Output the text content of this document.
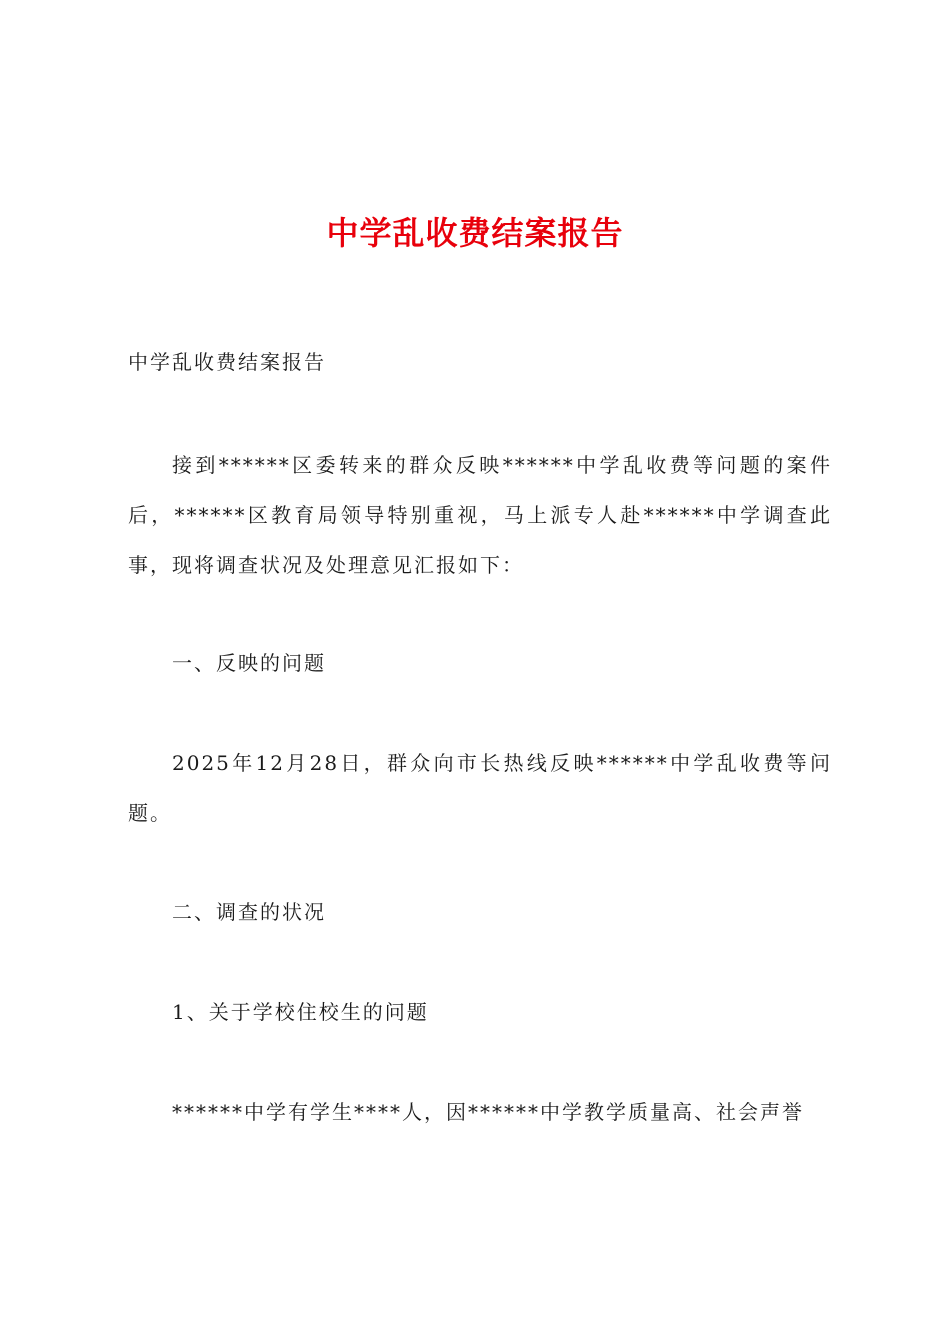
中学乱收费结案报告

中学乱收费结案报告

接到******区委转来的群众反映******中学乱收费等问题的案件后，******区教育局领导特别重视，马上派专人赴******中学调查此事，现将调查状况及处理意见汇报如下：

一、反映的问题

2025年12月28日，群众向市长热线反映******中学乱收费等问题。

二、调查的状况

1、关于学校住校生的问题

******中学有学生****人，因******中学教学质量高、社会声誉
